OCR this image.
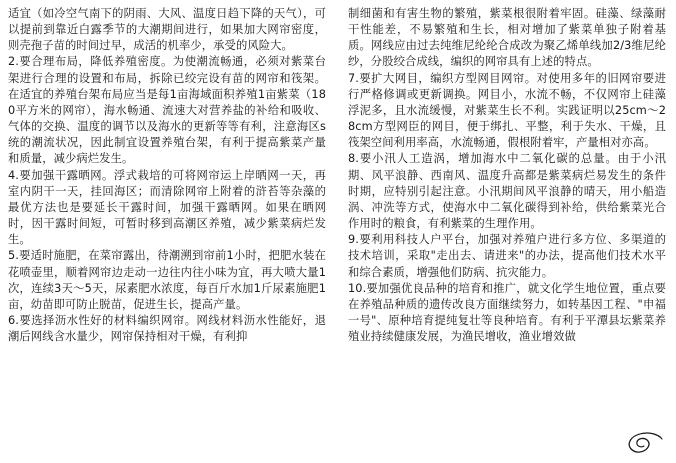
适宜（如冷空气南下的阴雨、大风、温度日趋下降的天气），可以提前到靠近白露季节的大潮期间进行，如果加大网帘密度，则壳孢子苗的时间过早，成活的机率少，承受的风险大。

2.要合理布局，降低养殖密度。为使潮流畅通，必须对紫菜台架进行合理的设置和布局，拆除已绞完设有苗的网帘和筏架。在适宜的养殖台架布局应当是每1亩海域面积养殖1亩紫菜（180平方米的网帘），海水畅通、流速大对营养盐的补给和吸收、气体的交换、温度的调节以及海水的更新等等有利，注意海区s统的潮流状况，因此制宜设置养殖台架，有利于提高紫菜产量和质量，减少病烂发生。

4.要加强干露晒网。浮式栽培的可将网帘运上岸晒网一天，再室内阴干一天，挂回海区；而清除网帘上附着的浒苔等杂藻的最优方法也是要延长干露时间，加强干露晒网。如果在晒网时，因干露时间短，可暂时移到高潮区养殖，减少紫菜病烂发生。

5.要适时施肥，在菜帘露出，待潮溯到帘前1小时，把肥水装在花喷壶里，顺着网帘边走动一边往内往小味为宜，再大喷大量1次，连续3天～5天，尿素肥水浓度，每百斤水加1斤尿素施肥1亩，幼苗即可防止脱苗，促进生长，提高产量。

6.要选择沥水性好的材料编织网帘。网线材料沥水性能好，退潮后网线含水量少，网帘保持相对干燥，有利抑

制细菌和有害生物的繁殖，紫菜根很附着牢固。硅藻、绿藻耐干性能差，不易繁殖和生长，相对增加了紫菜单独子附着基质。网线应由过去纯维尼纶纶合成改为聚乙烯单线加2/3维尼纶纱，分股绞合成线，编织的网帘具有上述的特点。

7.要扩大网目，编织方型网目网帘。对使用多年的旧网帘要进行严格修调或更新调换。网目小，水流不畅，不仅网帘上硅藻浮泥多，且水流缓慢，对紫菜生长不利。实践证明以25cm～28cm方型网臣的网目，便于绑扎、平整，利于失水、干燥，且筏架空间利用率高，水流畅通，假根附着牢，产量相对亦高。

8.要小汛人工造涡，增加海水中二氧化碳的总量。由于小汛期、风平浪静、西南风、温度升高都是紫菜病烂易发生的条件时期，应特别引起注意。小汛期间风平浪静的晴天，用小船造涡、冲洗等方式，使海水中二氧化碳得到补给，供给紫菜光合作用时的粮食，有利紫菜的生理作用。

9.要利用科技人户平台，加强对养殖户进行多方位、多渠道的技术培训，采取"走出去、请进来"的办法，提高他们技术水平和综合素质，增强他们防病、抗灾能力。

10.要加强优良品种的培育和推广，就文化学生地位置，重点要在养殖品种质的遗传改良方面继续努力，如转基因工程、"申福一号"、原种培育提纯复壮等良种培育。有利于平潭县坛紫菜养殖业持续健康发展，为渔民增收，渔业增效做
